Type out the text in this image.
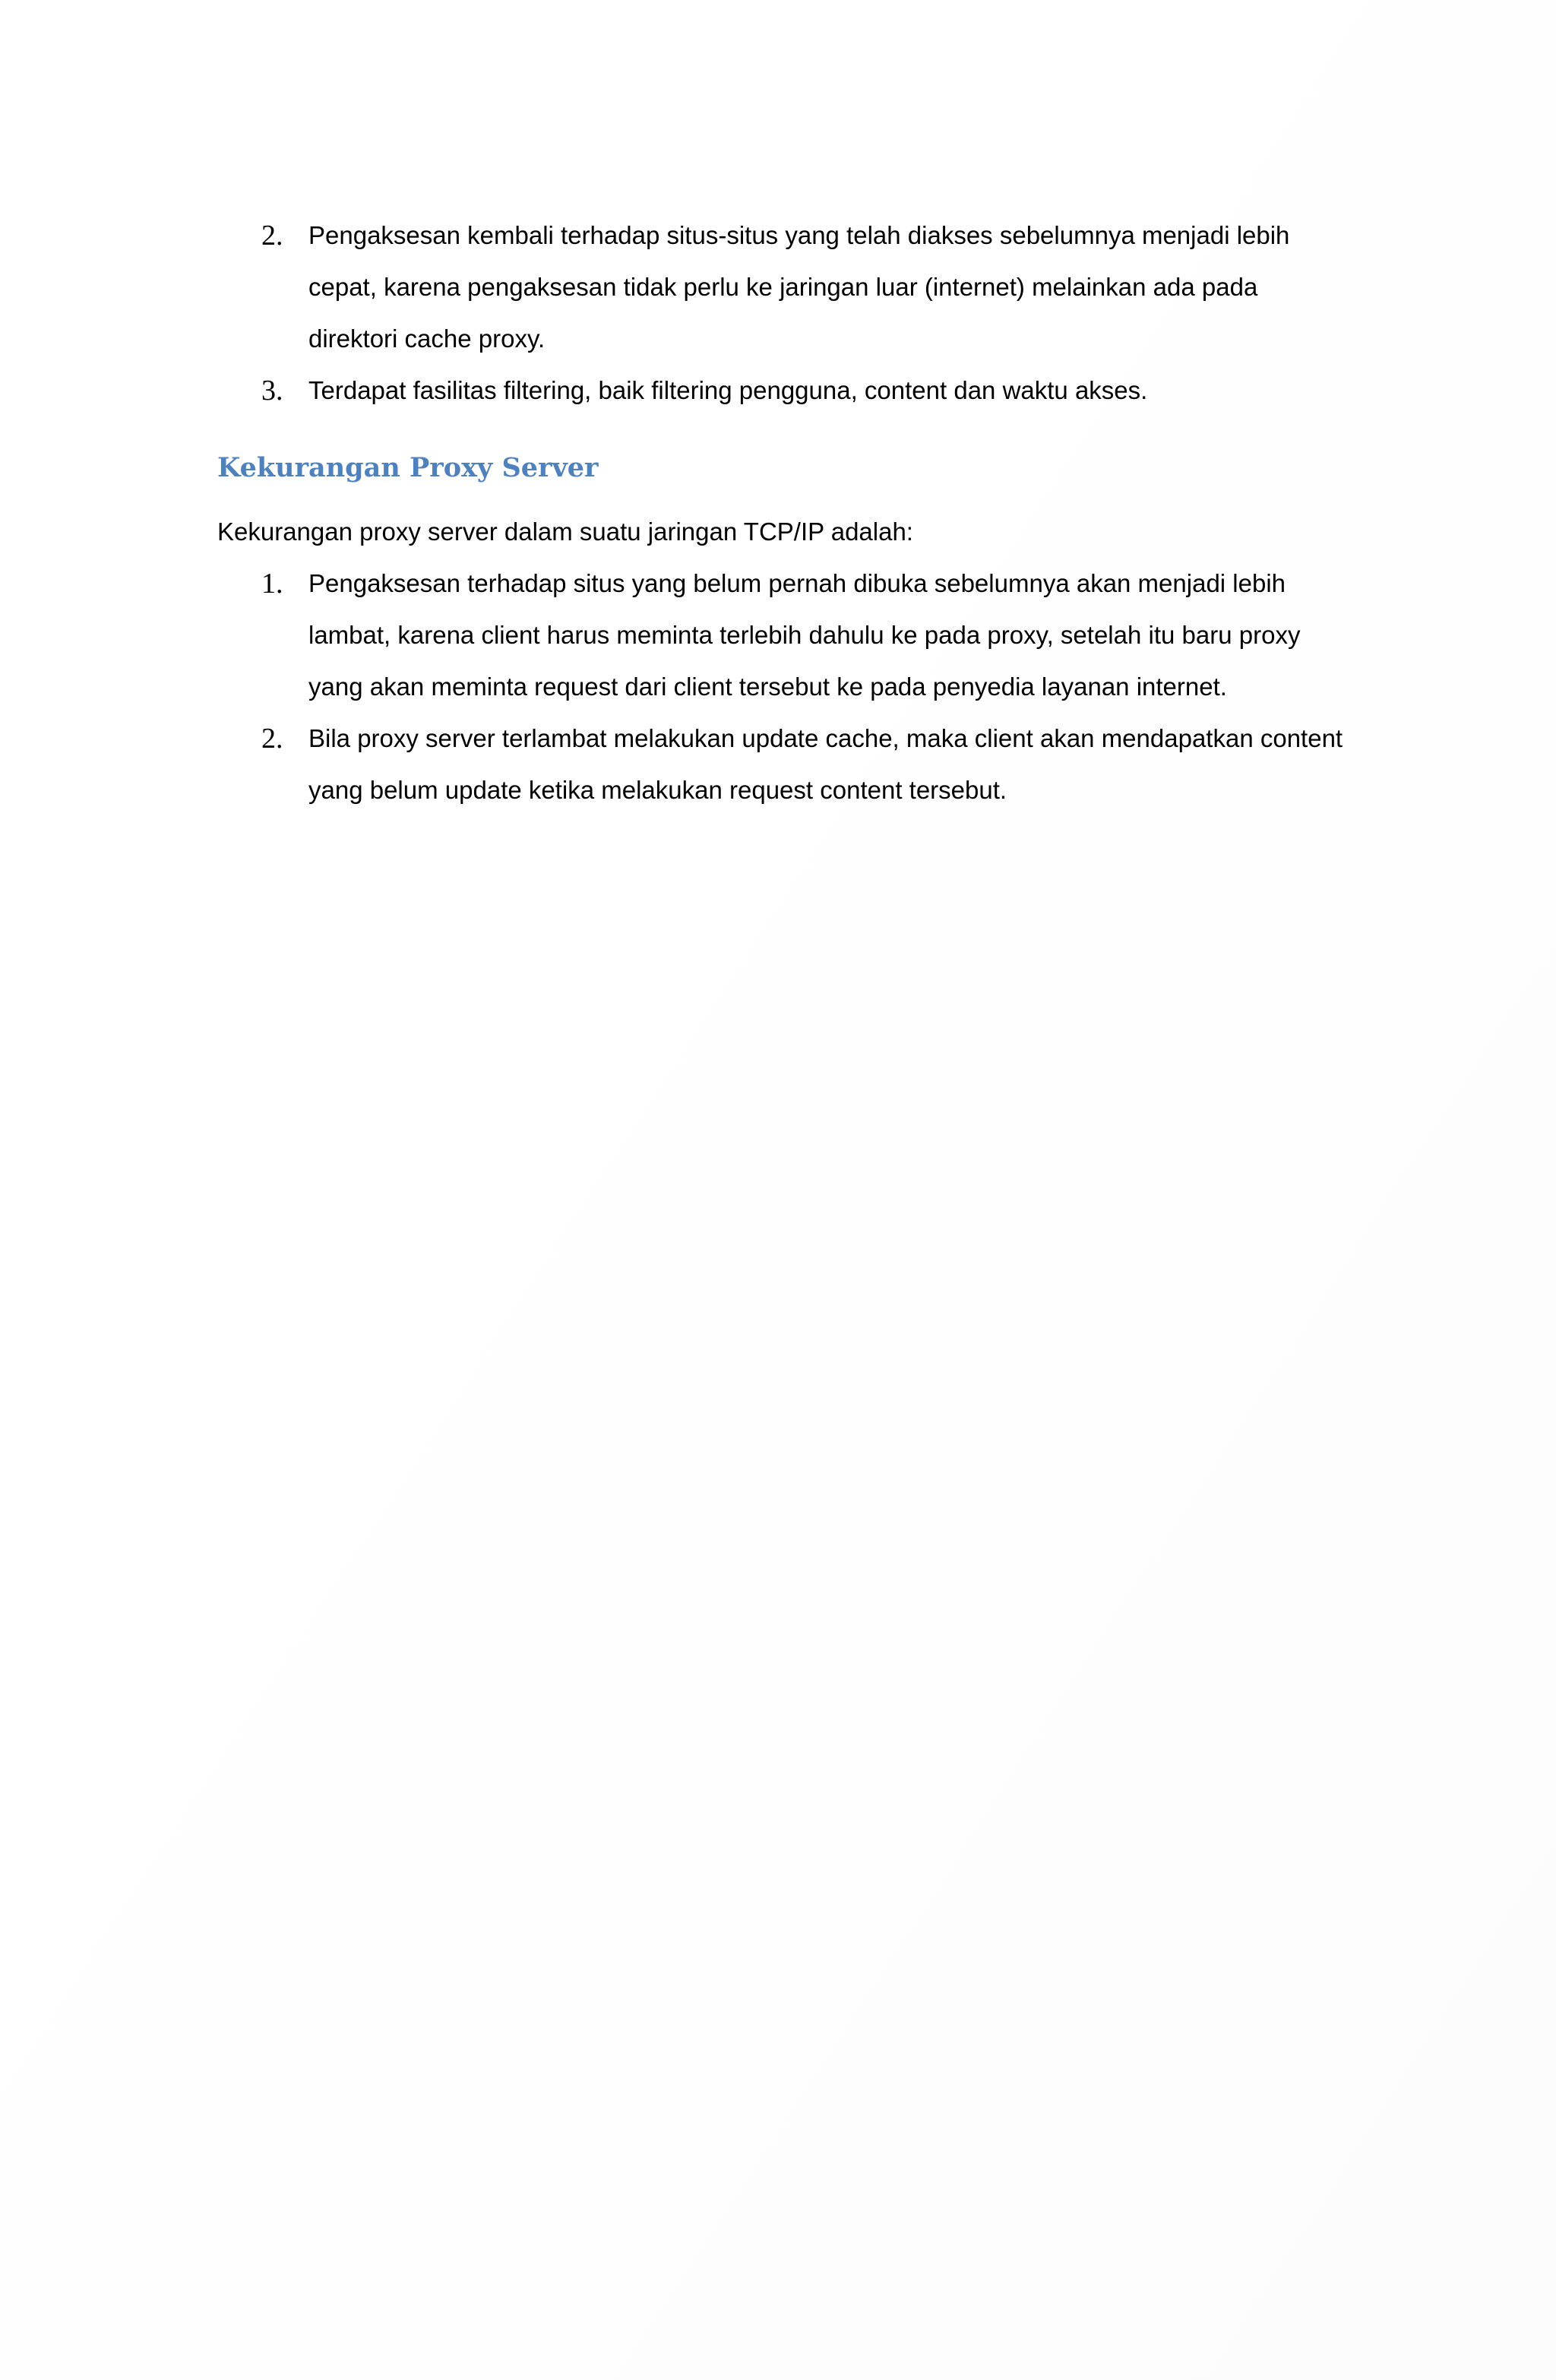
2. Pengaksesan kembali terhadap situs-situs yang telah diakses sebelumnya menjadi lebih cepat, karena pengaksesan tidak perlu ke jaringan luar (internet) melainkan ada pada direktori cache proxy.
3. Terdapat fasilitas filtering, baik filtering pengguna, content dan waktu akses.
Kekurangan Proxy Server

Kekurangan proxy server dalam suatu jaringan TCP/IP adalah:

1. Pengaksesan terhadap situs yang belum pernah dibuka sebelumnya akan menjadi lebih lambat, karena client harus meminta terlebih dahulu ke pada proxy, setelah itu baru proxy yang akan meminta request dari client tersebut ke pada penyedia layanan internet.
2. Bila proxy server terlambat melakukan update cache, maka client akan mendapatkan content yang belum update ketika melakukan request content tersebut.
